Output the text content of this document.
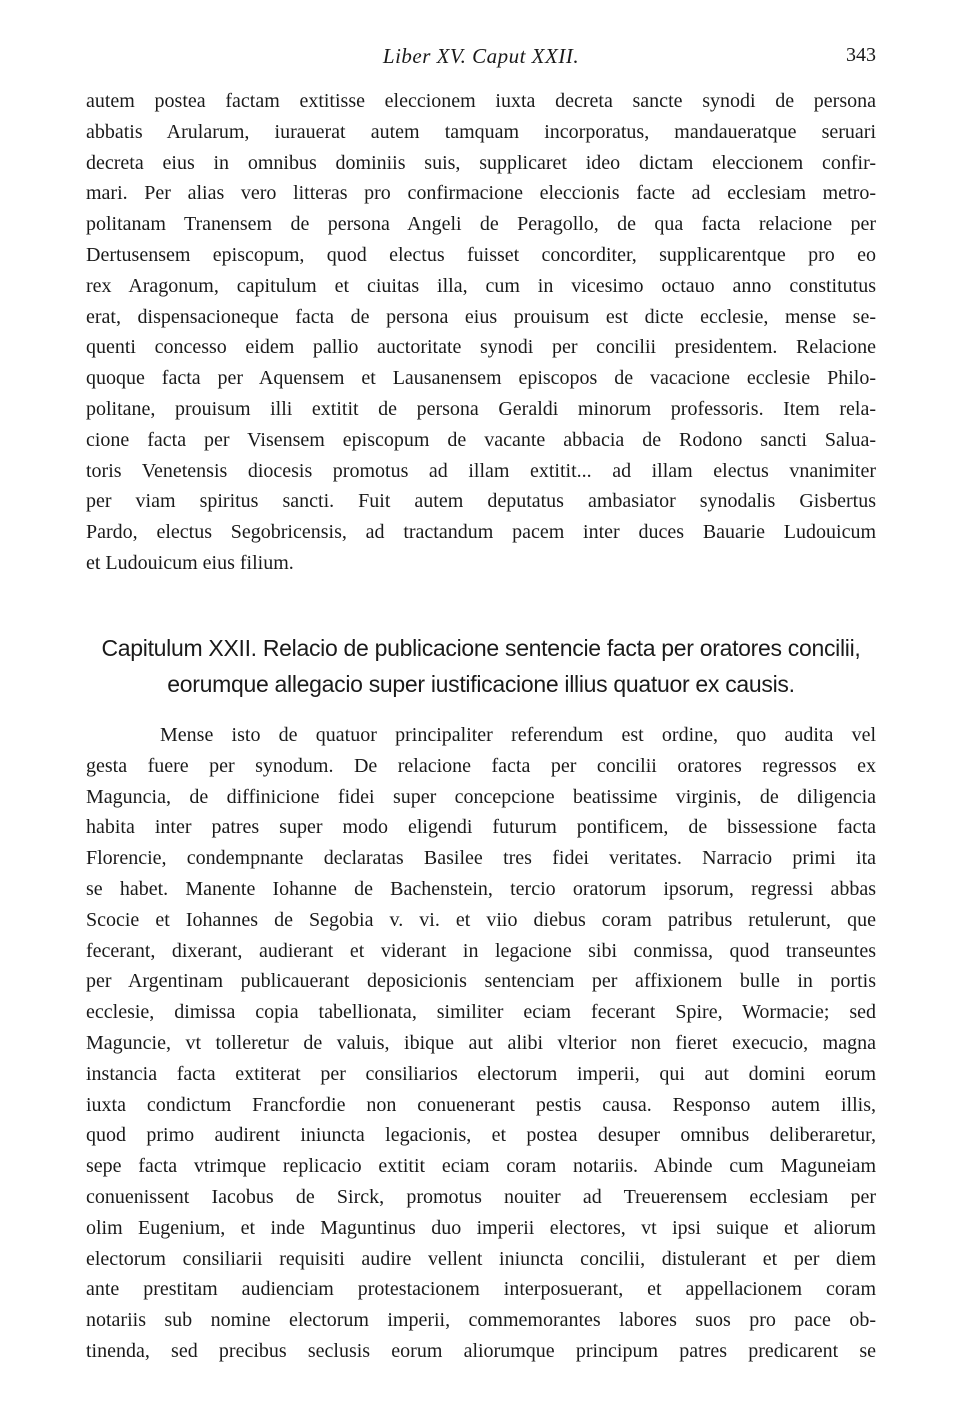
Liber XV. Caput XXII.	343
autem postea factam extitisse eleccionem iuxta decreta sancte synodi de persona
abbatis Arularum, iurauerat autem tamquam incorporatus, mandaueratque seruari
decreta eius in omnibus dominiis suis, supplicaret ideo dictam eleccionem confir-
mari. Per alias vero litteras pro confirmacione eleccionis facte ad ecclesiam metro-
politanam Tranensem de persona Angeli de Peragollo, de qua facta relacione per
Dertusensem episcopum, quod electus fuisset concorditer, supplicarentque pro eo
rex Aragonum, capitulum et ciuitas illa, cum in vicesimo octauo anno constitutus
erat, dispensacioneque facta de persona eius prouisum est dicte ecclesie, mense se-
quenti concesso eidem pallio auctoritate synodi per concilii presidentem. Relacione
quoque facta per Aquensem et Lausanensem episcopos de vacacione ecclesie Philo-
politane, prouisum illi extitit de persona Geraldi minorum professoris. Item rela-
cione facta per Visensem episcopum de vacante abbacia de Rodono sancti Salua-
toris Venetensis diocesis promotus ad illam extitit... ad illam electus vnanimiter
per viam spiritus sancti. Fuit autem deputatus ambasiator synodalis Gisbertus
Pardo, electus Segobricensis, ad tractandum pacem inter duces Bauarie Ludouicum
et Ludouicum eius filium.
Capitulum XXII. Relacio de publicacione sentencie facta per oratores concilii,
eorumque allegacio super iustificacione illius quatuor ex causis.
Mense isto de quatuor principaliter referendum est ordine, quo audita vel
gesta fuere per synodum. De relacione facta per concilii oratores regressos ex
Maguncia, de diffinicione fidei super concepcione beatissime virginis, de diligencia
habita inter patres super modo eligendi futurum pontificem, de bissessione facta
Florencie, condempnante declaratas Basilee tres fidei veritates. Narracio primi ita
se habet. Manente Iohanne de Bachenstein, tercio oratorum ipsorum, regressi abbas
Scocie et Iohannes de Segobia v. vi. et viio diebus coram patribus retulerunt, que
fecerant, dixerant, audierant et viderant in legacione sibi conmissa, quod transeuntes
per Argentinam publicauerant deposicionis sentenciam per affixionem bulle in portis
ecclesie, dimissa copia tabellionata, similiter eciam fecerant Spire, Wormacie; sed
Maguncie, vt tolleretur de valuis, ibique aut alibi vlterior non fieret execucio, magna
instancia facta extiterat per consiliarios electorum imperii, qui aut domini eorum
iuxta condictum Francfordie non conuenerant pestis causa. Responso autem illis,
quod primo audirent iniuncta legacionis, et postea desuper omnibus deliberaretur,
sepe facta vtrimque replicacio extitit eciam coram notariis. Abinde cum Maguneiam
conuenissent Iacobus de Sirck, promotus nouiter ad Treuerensem ecclesiam per
olim Eugenium, et inde Maguntinus duo imperii electores, vt ipsi suique et aliorum
electorum consiliarii requisiti audire vellent iniuncta concilii, distulerant et per diem
ante prestitam audienciam protestacionem interposuerant, et appellacionem coram
notariis sub nomine electorum imperii, commemorantes labores suos pro pace ob-
tinenda, sed precibus seclusis eorum aliorumque principum patres predicarent se
